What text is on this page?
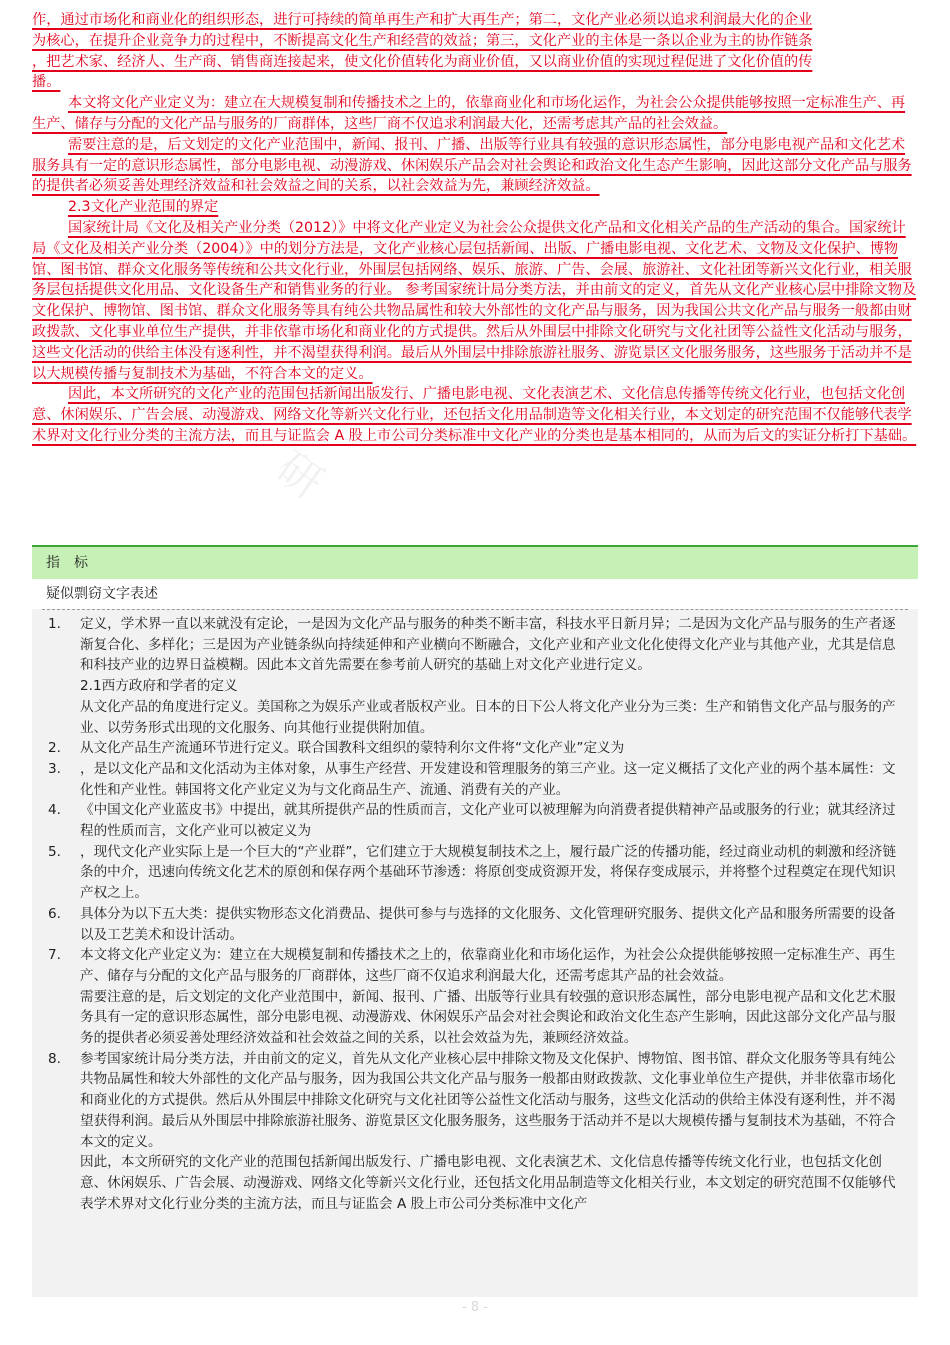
作，通过市场化和商业化的组织形态，进行可持续的简单再生产和扩大再生产；第二，文化产业必须以追求利润最大化的企业

为核心，在提升企业竞争力的过程中，不断提高文化生产和经营的效益；第三，文化产业的主体是一条以企业为主的协作链条

，把艺术家、经济人、生产商、销售商连接起来，使文化价值转化为商业价值，又以商业价值的实现过程促进了文化价值的传

播。

本文将文化产业定义为：建立在大规模复制和传播技术之上的，依靠商业化和市场化运作，为社会公众提供能够按照一定标准生产、再生产、储存与分配的文化产品与服务的厂商群体，这些厂商不仅追求利润最大化，还需考虑其产品的社会效益。

需要注意的是，后文划定的文化产业范围中，新闻、报刊、广播、出版等行业具有较强的意识形态属性，部分电影电视产品和文化艺术服务具有一定的意识形态属性，部分电影电视、动漫游戏、休闲娱乐产品会对社会舆论和政治文化生态产生影响，因此这部分文化产品与服务的提供者必须妥善处理经济效益和社会效益之间的关系，以社会效益为先，兼顾经济效益。

2.3文化产业范围的界定

国家统计局《文化及相关产业分类（2012）》中将文化产业定义为社会公众提供文化产品和文化相关产品的生产活动的集合。国家统计局《文化及相关产业分类（2004）》中的划分方法是，文化产业核心层包括新闻、出版、广播电影电视、文化艺术、文物及文化保护、博物馆、图书馆、群众文化服务等传统和公共文化行业，外围层包括网络、娱乐、旅游、广告、会展、旅游社、文化社团等新兴文化行业，相关服务层包括提供文化用品、文化设备生产和销售业务的行业。 参考国家统计局分类方法，并由前文的定义，首先从文化产业核心层中排除文物及文化保护、博物馆、图书馆、群众文化服务等具有纯公共物品属性和较大外部性的文化产品与服务，因为我国公共文化产品与服务一般都由财政拨款、文化事业单位生产提供，并非依靠市场化和商业化的方式提供。然后从外围层中排除文化研究与文化社团等公益性文化活动与服务，这些文化活动的供给主体没有逐利性，并不渴望获得利润。最后从外围层中排除旅游社服务、游览景区文化服务服务，这些服务于活动并不是以大规模传播与复制技术为基础，不符合本文的定义。

因此，本文所研究的文化产业的范围包括新闻出版发行、广播电影电视、文化表演艺术、文化信息传播等传统文化行业，也包括文化创意、休闲娱乐、广告会展、动漫游戏、网络文化等新兴文化行业，还包括文化用品制造等文化相关行业，本文划定的研究范围不仅能够代表学术界对文化行业分类的主流方法，而且与证监会 A 股上市公司分类标准中文化产业的分类也是基本相同的，从而为后文的实证分析打下基础。

研
指　标
疑似剽窃文字表述
1.	定义，学术界一直以来就没有定论，一是因为文化产品与服务的种类不断丰富，科技水平日新月异；二是因为文化产品与服务的生产者逐渐复合化、多样化；三是因为产业链条纵向持续延伸和产业横向不断融合，文化产业和产业文化化使得文化产业与其他产业，尤其是信息和科技产业的边界日益模糊。因此本文首先需要在参考前人研究的基础上对文化产业进行定义。

2.1西方政府和学者的定义

从文化产品的角度进行定义。美国称之为娱乐产业或者版权产业。日本的日下公人将文化产业分为三类：生产和销售文化产品与服务的产业、以劳务形式出现的文化服务、向其他行业提供附加值。

2.	从文化产品生产流通环节进行定义。联合国教科文组织的蒙特利尔文件将“文化产业”定义为

3.	，是以文化产品和文化活动为主体对象，从事生产经营、开发建设和管理服务的第三产业。这一定义概括了文化产业的两个基本属性：文化性和产业性。韩国将文化产业定义为与文化商品生产、流通、消费有关的产业。

4.	《中国文化产业蓝皮书》中提出，就其所提供产品的性质而言，文化产业可以被理解为向消费者提供精神产品或服务的行业；就其经济过程的性质而言，文化产业可以被定义为

5.	，现代文化产业实际上是一个巨大的“产业群”，它们建立于大规模复制技术之上，履行最广泛的传播功能，经过商业动机的刺激和经济链条的中介，迅速向传统文化艺术的原创和保存两个基础环节渗透：将原创变成资源开发，将保存变成展示，并将整个过程奠定在现代知识产权之上。

6.	具体分为以下五大类：提供实物形态文化消费品、提供可参与与选择的文化服务、文化管理研究服务、提供文化产品和服务所需要的设备以及工艺美术和设计活动。

7.	本文将文化产业定义为：建立在大规模复制和传播技术之上的，依靠商业化和市场化运作，为社会公众提供能够按照一定标准生产、再生产、储存与分配的文化产品与服务的厂商群体，这些厂商不仅追求利润最大化，还需考虑其产品的社会效益。

需要注意的是，后文划定的文化产业范围中，新闻、报刊、广播、出版等行业具有较强的意识形态属性，部分电影电视产品和文化艺术服务具有一定的意识形态属性，部分电影电视、动漫游戏、休闲娱乐产品会对社会舆论和政治文化生态产生影响，因此这部分文化产品与服务的提供者必须妥善处理经济效益和社会效益之间的关系，以社会效益为先，兼顾经济效益。

8.	参考国家统计局分类方法，并由前文的定义，首先从文化产业核心层中排除文物及文化保护、博物馆、图书馆、群众文化服务等具有纯公共物品属性和较大外部性的文化产品与服务，因为我国公共文化产品与服务一般都由财政拨款、文化事业单位生产提供，并非依靠市场化和商业化的方式提供。然后从外围层中排除文化研究与文化社团等公益性文化活动与服务，这些文化活动的供给主体没有逐利性，并不渴望获得利润。最后从外围层中排除旅游社服务、游览景区文化服务服务，这些服务于活动并不是以大规模传播与复制技术为基础，不符合本文的定义。

因此，本文所研究的文化产业的范围包括新闻出版发行、广播电影电视、文化表演艺术、文化信息传播等传统文化行业，也包括文化创意、休闲娱乐、广告会展、动漫游戏、网络文化等新兴文化行业，还包括文化用品制造等文化相关行业，本文划定的研究范围不仅能够代表学术界对文化行业分类的主流方法，而且与证监会 A 股上市公司分类标准中文化产

- 8 -
